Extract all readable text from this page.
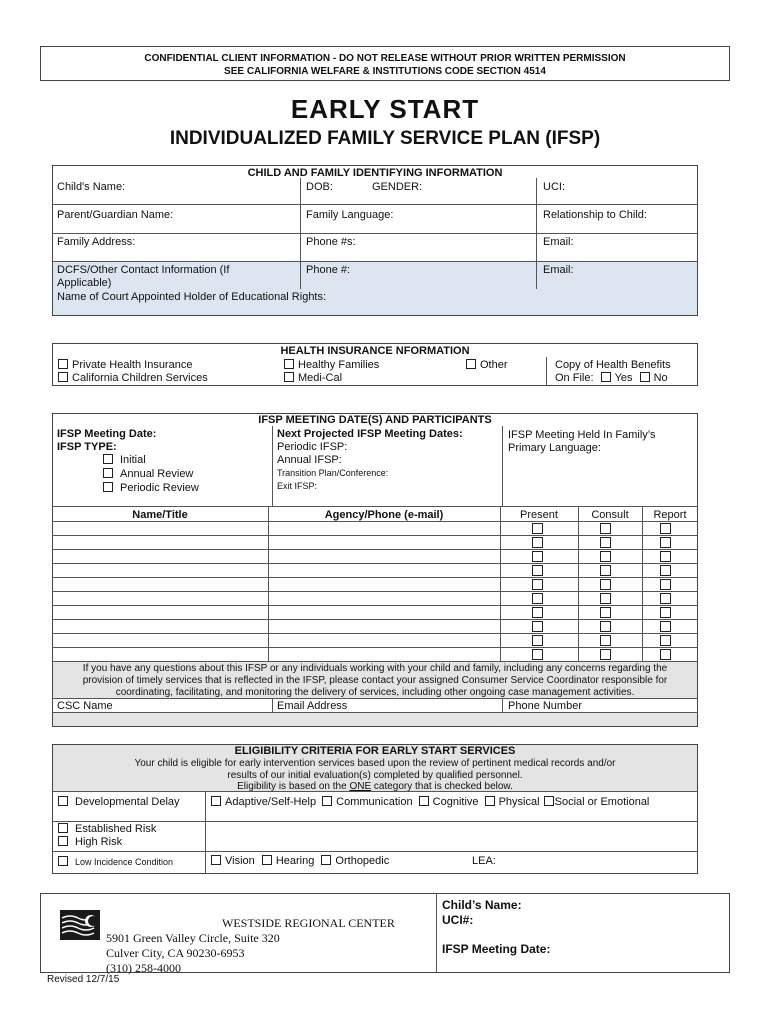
CONFIDENTIAL CLIENT INFORMATION - DO NOT RELEASE WITHOUT PRIOR WRITTEN PERMISSION
SEE CALIFORNIA WELFARE & INSTITUTIONS CODE SECTION 4514
EARLY START
INDIVIDUALIZED FAMILY SERVICE PLAN (IFSP)
CHILD AND FAMILY IDENTIFYING INFORMATION
Child's Name:	DOB:	GENDER:	UCI:
Parent/Guardian Name:	Family Language:	Relationship to Child:
Family Address:	Phone #s:	Email:
DCFS/Other Contact Information (If
Applicable)
Phone #:	Email:
Name of Court Appointed Holder of Educational Rights:
HEALTH INSURANCE NFORMATION
Private Health Insurance
California Children Services
Healthy Families
Medi-Cal
Other	Copy of Health Benefits
On File: Yes No
IFSP MEETING DATE(S) AND PARTICIPANTS
IFSP Meeting Date:
IFSP TYPE:
Initial
Annual Review
Periodic Review
Next Projected IFSP Meeting Dates:
Periodic IFSP:
Annual IFSP:
Transition Plan/Conference:
Exit IFSP:
IFSP Meeting Held In Family’s
Primary Language:
Name/Title	Agency/Phone (e-mail)	Present	Consult	Report
If you have any questions about this IFSP or any individuals working with your child and family, including any concerns regarding the
provision of timely services that is reflected in the IFSP, please contact your assigned Consumer Service Coordinator responsible for
coordinating, facilitating, and monitoring the delivery of services, including other ongoing case management activities.
CSC Name	Email Address	Phone Number
ELIGIBILITY CRITERIA FOR EARLY START SERVICES
Your child is eligible for early intervention services based upon the review of pertinent medical records and/or
results of our initial evaluation(s) completed by qualified personnel.
Eligibility is based on the ONE category that is checked below.
Developmental Delay	Adaptive/Self-Help Communication Cognitive Physical Social or Emotional
Established Risk
High Risk
Low Incidence Condition	Vision Hearing Orthopedic	LEA:
WESTSIDE REGIONAL CENTER
5901 Green Valley Circle, Suite 320
Culver City, CA 90230-6953
(310) 258-4000
Child’s Name:
UCI#:
IFSP Meeting Date:
Revised 12/7/15
